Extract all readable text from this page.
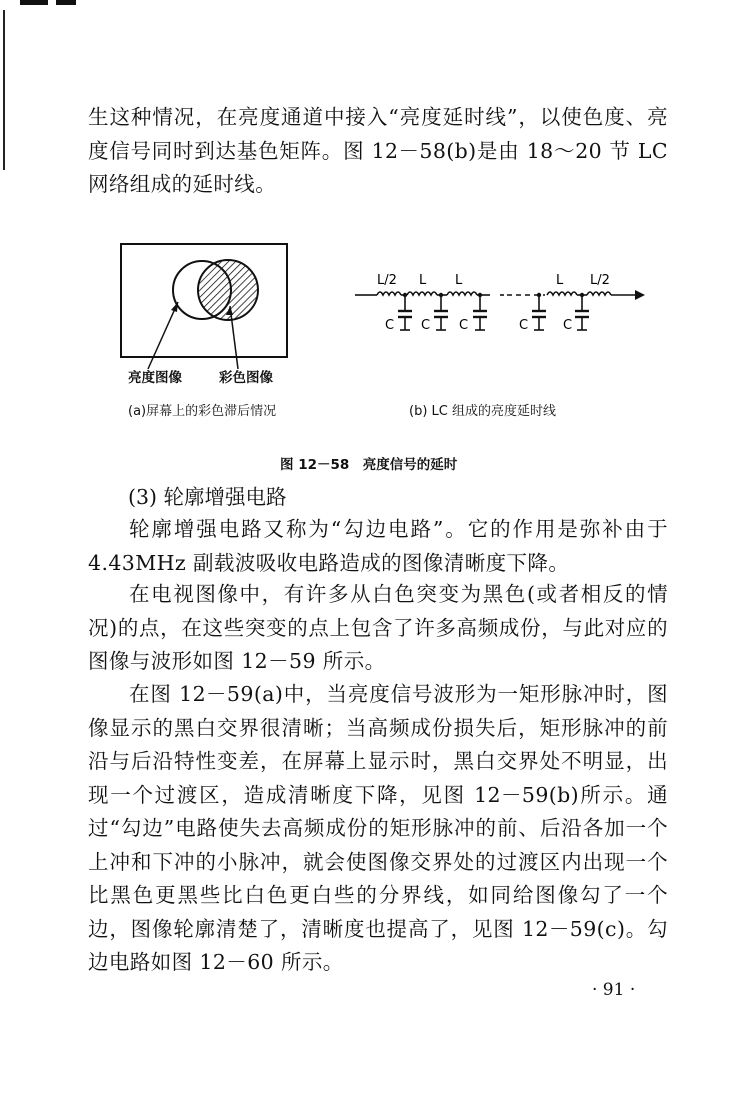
生这种情况，在亮度通道中接入“亮度延时线”，以使色度、亮度信号同时到达基色矩阵。图 12－58(b)是由 18～20 节 LC 网络组成的延时线。

亮度图像	彩色图像

(a)屏幕上的彩色滞后情况

L/2 L L	L L/2
C C C	C	C

(b) LC 组成的亮度延时线

图 12－58　亮度信号的延时

(3) 轮廓增强电路

轮廓增强电路又称为“勾边电路”。它的作用是弥补由于 4.43MHz 副载波吸收电路造成的图像清晰度下降。

在电视图像中，有许多从白色突变为黑色(或者相反的情况)的点，在这些突变的点上包含了许多高频成份，与此对应的图像与波形如图 12－59 所示。

在图 12－59(a)中，当亮度信号波形为一矩形脉冲时，图像显示的黑白交界很清晰；当高频成份损失后，矩形脉冲的前沿与后沿特性变差，在屏幕上显示时，黑白交界处不明显，出现一个过渡区，造成清晰度下降，见图 12－59(b)所示。通过“勾边”电路使失去高频成份的矩形脉冲的前、后沿各加一个上冲和下冲的小脉冲，就会使图像交界处的过渡区内出现一个比黑色更黑些比白色更白些的分界线，如同给图像勾了一个边，图像轮廓清楚了，清晰度也提高了，见图 12－59(c)。勾边电路如图 12－60 所示。

· 91 ·
